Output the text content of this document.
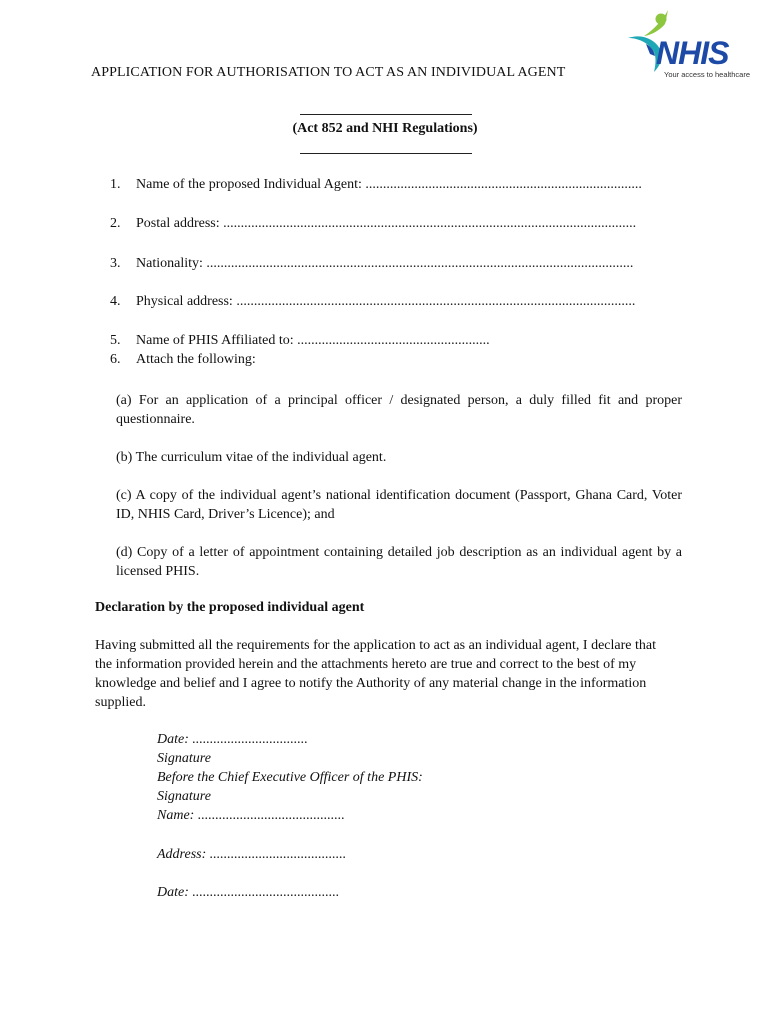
NHIS
Your access to healthcare
APPLICATION FOR AUTHORISATION TO ACT AS AN INDIVIDUAL AGENT
(Act 852 and NHI Regulations)
1. Name of the proposed Individual Agent: ...............................................................................
2. Postal address: ......................................................................................................................
3. Nationality: ..........................................................................................................................
4. Physical address: ..................................................................................................................
5. Name of PHIS Affiliated to: .......................................................
6. Attach the following:
(a) For an application of a principal officer / designated person, a duly filled fit and proper questionnaire.
(b) The curriculum vitae of the individual agent.
(c) A copy of the individual agent’s national identification document (Passport, Ghana Card, Voter ID, NHIS Card, Driver’s Licence); and
(d) Copy of a letter of appointment containing detailed job description as an individual agent by a licensed PHIS.
Declaration by the proposed individual agent
Having submitted all the requirements for the application to act as an individual agent, I declare that the information provided herein and the attachments hereto are true and correct to the best of my knowledge and belief and I agree to notify the Authority of any material change in the information supplied.
Date: .................................
Signature
Before the Chief Executive Officer of the PHIS:
Signature
Name: ..........................................
Address: .......................................
Date: ..........................................
